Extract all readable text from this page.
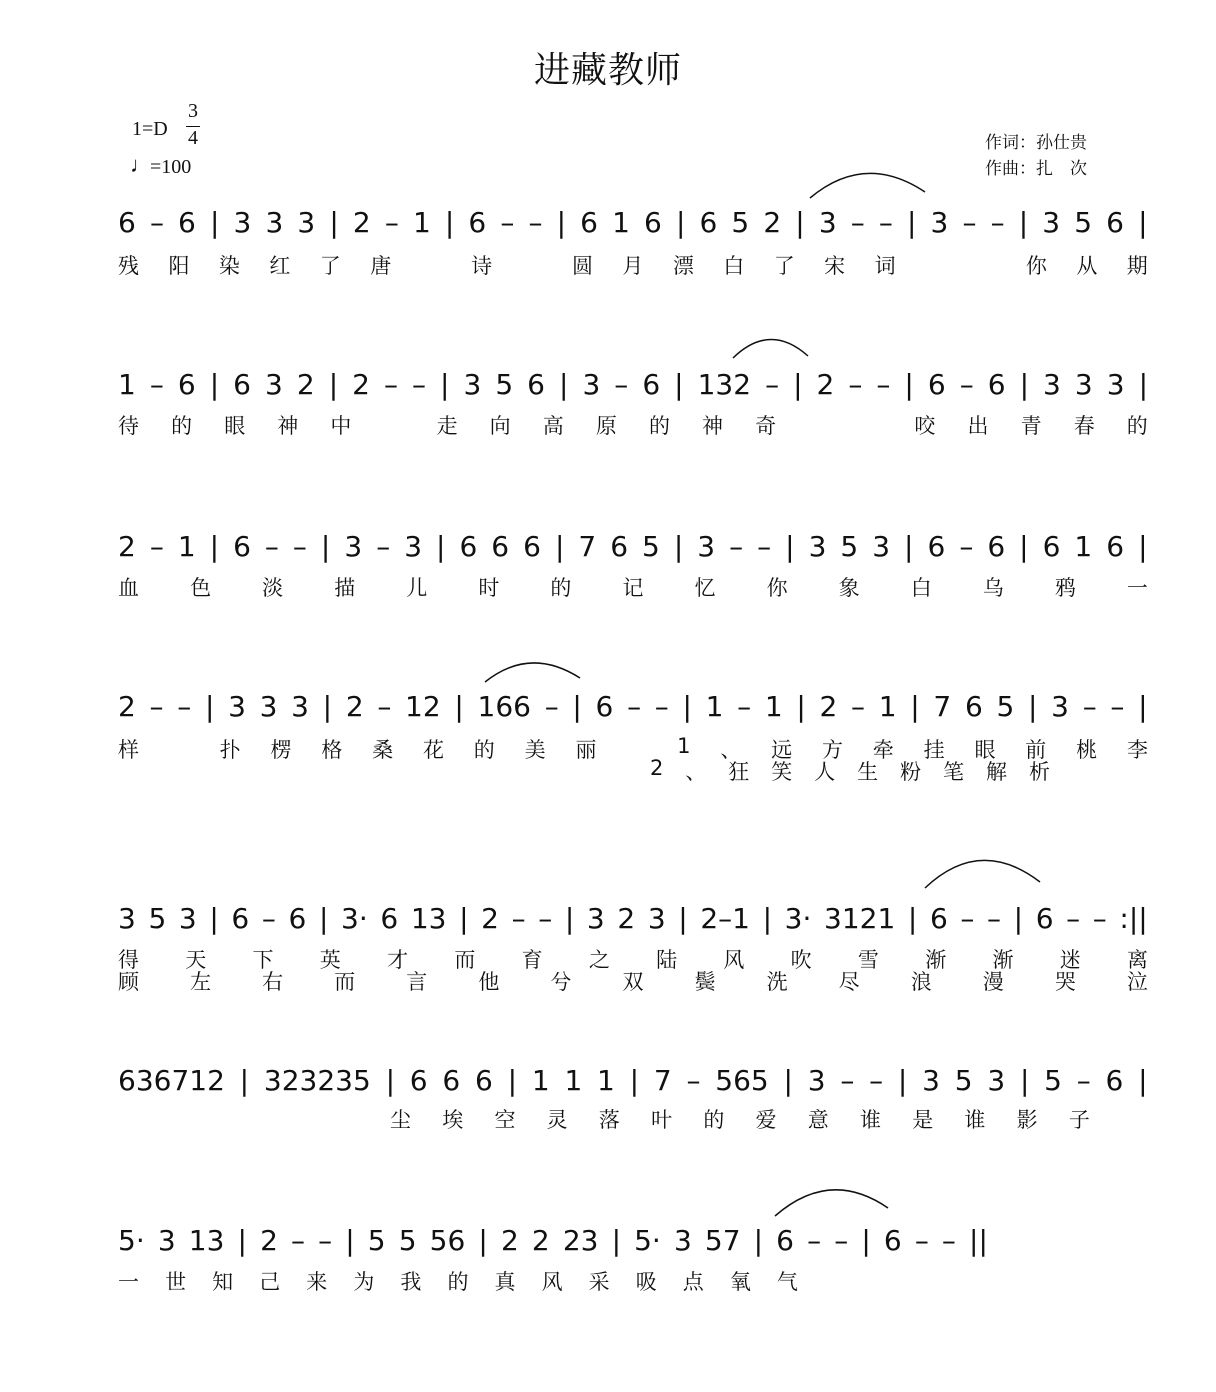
进藏教师
1=D
3
4
♩
=100
作词：孙仕贵
作曲：扎　次
6 – 6 | 3 3 3 | 2 – 1 | 6 – – | 6 1 6 | 6 5 2 | 3 – – | 3 – – | 3 5 6 |
残 阳 染 红 了 唐
　	诗
　	圆 月 漂 白 了 宋 词

　	你 从 期
1 – 6 | 6 3 2 | 2 – – | 3 5 6 | 3 – 6 | 132 – | 2 – – | 6 – 6 | 3 3 3 |
待 的 眼 神 中
　	走 向 高 原 的 神 奇

　	咬 出 青 春 的
2 – 1 | 6 – – | 3 – 3 | 6 6 6 | 7 6 5 | 3 – – | 3 5 3 | 6 – 6 | 6 1 6 |
血 色 淡 描 儿 时 的 记 忆 你 象 白 乌 鸦 一
2 – – | 3 3 3 | 2 – 12 | 166 – | 6 – – | 1 – 1 | 2 – 1 | 7 6 5 | 3 – – |
样
　	扑 楞 格 桑 花 的 美 丽
　	1 、 远 方 牵 挂 眼 前 桃 李
2 、 狂 笑 人 生 粉 笔 解 析
3 5 3 | 6 – 6 | 3· 6 13 | 2 – – | 3 2 3 | 2–1 | 3· 3121 | 6 – – | 6 – – :||
得 天 下 英 才 而 育 之 陆 风 吹 雪 渐 渐 迷 离
顾 左 右 而 言 他 兮 双 鬓 洗 尽 浪 漫 哭 泣
636712 | 323235 | 6 6 6 | 1 1 1 | 7 – 565 | 3 – – | 3 5 3 | 5 – 6 |
尘 埃 空 灵 落 叶 的 爱 意 谁 是 谁 影 子
5· 3 13 | 2 – – | 5 5 56 | 2 2 23 | 5· 3 57 | 6 – – | 6 – – ||
一 世 知 己 来 为 我 的 真 风 采 吸 点 氧 气
